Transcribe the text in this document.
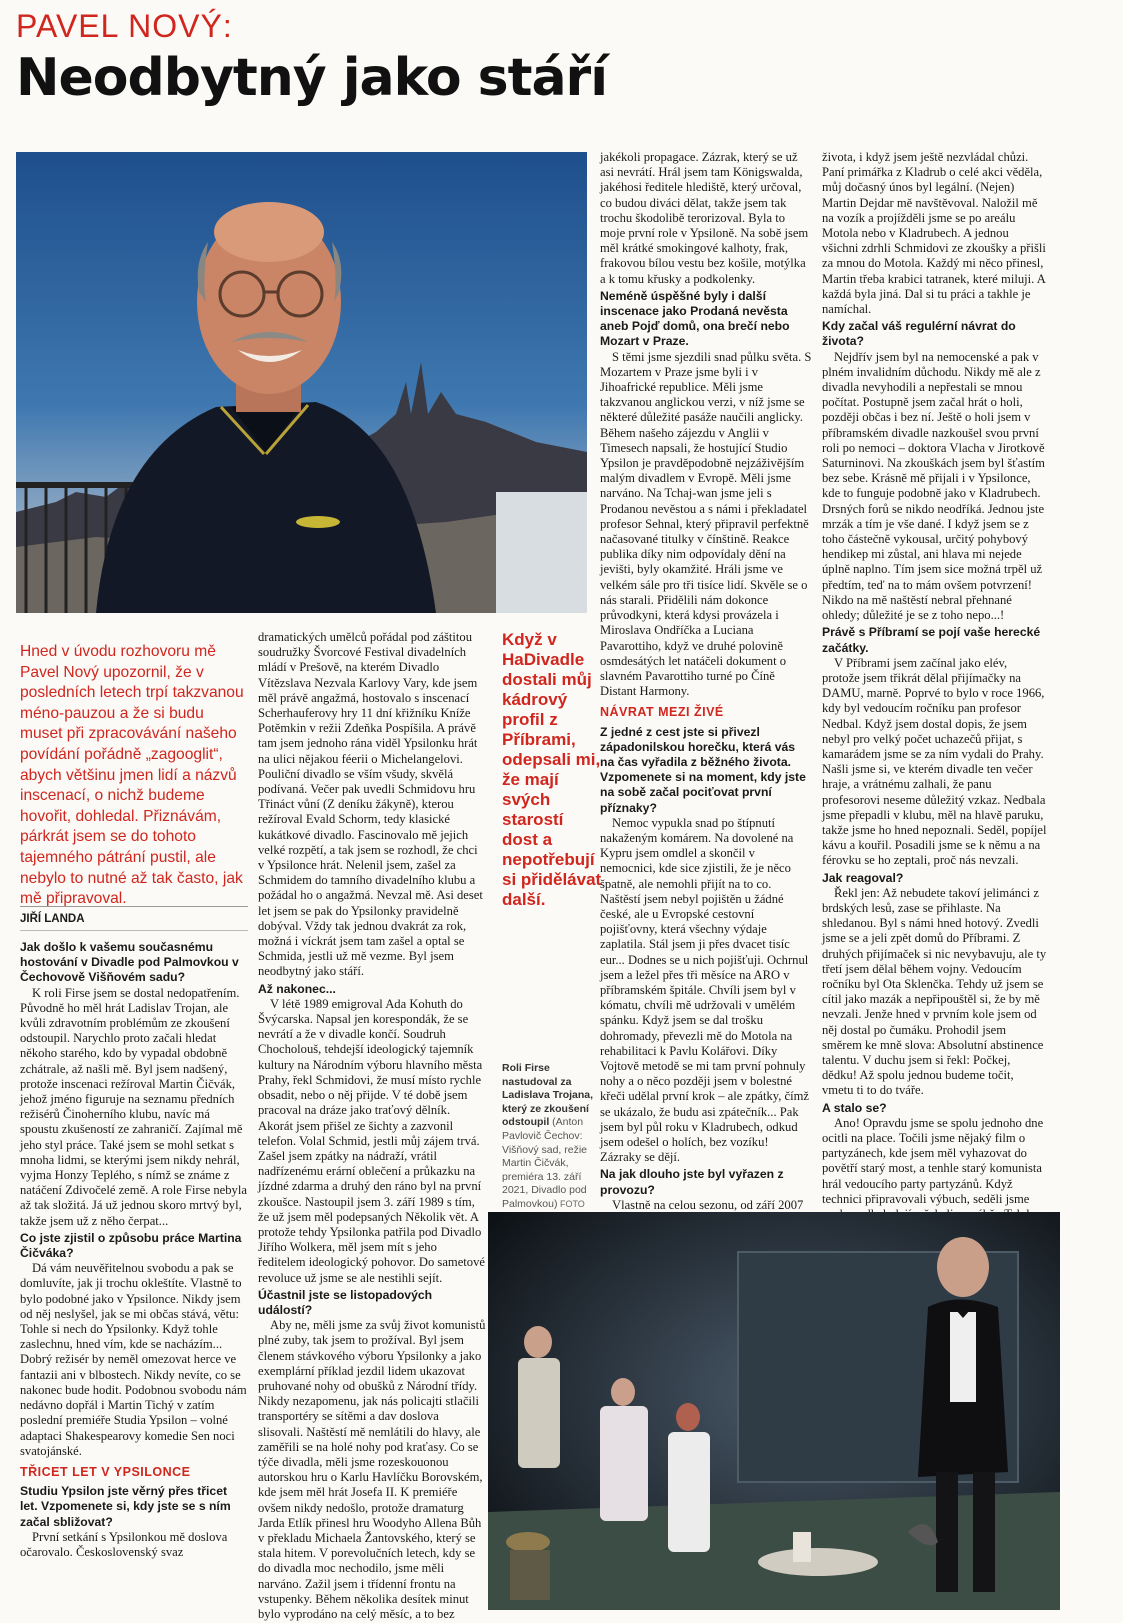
PAVEL NOVÝ:
Neodbytný jako stáří
FOTO JIŘÍ HRUBEŠ
Hned v úvodu rozhovoru mě Pavel Nový upozornil, že v posledních letech trpí takzvanou méno-pauzou a že si budu muset při zpracovávání našeho povídání pořádně „zagooglit“, abych většinu jmen lidí a názvů inscenací, o nichž budeme hovořit, dohledal. Přiznávám, párkrát jsem se do tohoto tajemného pátrání pustil, ale nebylo to nutné až tak často, jak mě připravoval.
JIŘÍ LANDA

Jak došlo k vašemu současnému hostování v Divadle pod Palmovkou v Čechovově Višňovém sadu?

K roli Firse jsem se dostal nedopatřením. Původně ho měl hrát Ladislav Trojan, ale kvůli zdravotním problémům ze zkoušení odstoupil. Narychlo proto začali hledat někoho starého, kdo by vypadal obdobně zchátrale, až našli mě. Byl jsem nadšený, protože inscenaci režíroval Martin Čičvák, jehož jméno figuruje na seznamu předních režisérů Činoherního klubu, navíc má spoustu zkušeností ze zahraničí. Zajímal mě jeho styl práce. Také jsem se mohl setkat s mnoha lidmi, se kterými jsem nikdy nehrál, vyjma Honzy Teplého, s nímž se známe z natáčení Zdivočelé země. A role Firse nebyla až tak složitá. Já už jednou skoro mrtvý byl, takže jsem už z něho čerpat...

Co jste zjistil o způsobu práce Martina Čičváka?

Dá vám neuvěřitelnou svobodu a pak se domluvíte, jak ji trochu okleštíte. Vlastně to bylo podobné jako v Ypsilonce. Nikdy jsem od něj neslyšel, jak se mi občas stává, větu: Tohle si nech do Ypsilonky. Když tohle zaslechnu, hned vím, kde se nacházím... Dobrý režisér by neměl omezovat herce ve fantazii ani v blbostech. Nikdy nevíte, co se nakonec bude hodit. Podobnou svobodu nám nedávno dopřál i Martin Tichý v zatím poslední premiéře Studia Ypsilon – volné adaptaci Shakespearovy komedie Sen noci svatojánské.

TŘICET LET V YPSILONCE

Studiu Ypsilon jste věrný přes třicet let. Vzpomenete si, kdy jste se s ním začal sbližovat?

První setkání s Ypsilonkou mě doslova očarovalo. Československý svaz

dramatických umělců pořádal pod záštitou soudružky Švorcové Festival divadelních mládí v Prešově, na kterém Divadlo Vítězslava Nezvala Karlovy Vary, kde jsem měl právě angažmá, hostovalo s inscenací Scherhauferovy hry 11 dní křižníku Kníže Potěmkin v režii Zdeňka Pospíšila. A právě tam jsem jednoho rána viděl Ypsilonku hrát na ulici nějakou féerii o Michelangelovi. Pouliční divadlo se vším všudy, skvělá podívaná. Večer pak uvedli Schmidovu hru Třináct vůní (Z deníku žákyně), kterou režíroval Evald Schorm, tedy klasické kukátkové divadlo. Fascinovalo mě jejich velké rozpětí, a tak jsem se rozhodl, že chci v Ypsilonce hrát. Nelenil jsem, zašel za Schmidem do tamního divadelního klubu a požádal ho o angažmá. Nevzal mě. Asi deset let jsem se pak do Ypsilonky pravidelně dobýval. Vždy tak jednou dvakrát za rok, možná i víckrát jsem tam zašel a optal se Schmida, jestli už mě vezme. Byl jsem neodbytný jako stáří.

Až nakonec...

V létě 1989 emigroval Ada Kohuth do Švýcarska. Napsal jen korespondák, že se nevrátí a že v divadle končí. Soudruh Chocholouš, tehdejší ideologický tajemník kultury na Národním výboru hlavního města Prahy, řekl Schmidovi, že musí místo rychle obsadit, nebo o něj přijde. V té době jsem pracoval na dráze jako traťový dělník. Akorát jsem přišel ze šichty a zazvonil telefon. Volal Schmid, jestli můj zájem trvá. Zašel jsem zpátky na nádraží, vrátil nadřízenému erární oblečení a průkazku na jízdné zdarma a druhý den ráno byl na první zkoušce. Nastoupil jsem 3. září 1989 s tím, že už jsem měl podepsaných Několik vět. A protože tehdy Ypsilonka patřila pod Divadlo Jiřího Wolkera, měl jsem mít s jeho ředitelem ideologický pohovor. Do sametové revoluce už jsme se ale nestihli sejít.

Účastnil jste se listopadových událostí?

Aby ne, měli jsme za svůj život komunistů plné zuby, tak jsem to prožíval. Byl jsem členem stávkového výboru Ypsilonky a jako exemplární příklad jezdil lidem ukazovat pruhované nohy od obušků z Národní třídy. Nikdy nezapomenu, jak nás policajti stlačili transportéry se sítěmi a dav doslova slisovali. Naštěstí mě nemlátili do hlavy, ale zaměřili se na holé nohy pod kraťasy. Co se týče divadla, měli jsme rozeskouonou autorskou hru o Karlu Havlíčku Borovském, kde jsem měl hrát Josefa II. K premiéře ovšem nikdy nedošlo, protože dramaturg Jarda Etlík přinesl hru Woodyho Allena Bůh v překladu Michaela Žantovského, který se stala hitem. V porevolučních letech, kdy se do divadla moc nechodilo, jsme měli narváno. Zažil jsem i třídenní frontu na vstupenky. Během několika desítek minut bylo vyprodáno na celý měsíc, a to bez

Když v HaDivadle dostali můj kádrový profil z Příbrami, odepsali mi, že mají svých starostí dost a nepotřebují si přidělávat další.
Roli Firse nastudoval za Ladislava Trojana, který ze zkoušení odstoupil (Anton Pavlovič Čechov: Višňový sad, režie Martin Čičvák, premiéra 13. září 2021, Divadlo pod Palmovkou) FOTO

jakékoli propagace. Zázrak, který se už asi nevrátí. Hrál jsem tam Königswalda, jakéhosi ředitele hlediště, který určoval, co budou diváci dělat, takže jsem tak trochu škodolibě terorizoval. Byla to moje první role v Ypsiloně. Na sobě jsem měl krátké smokingové kalhoty, frak, frakovou bílou vestu bez košile, motýlka a k tomu křusky a podkolenky.

Neméně úspěšné byly i další inscenace jako Prodaná nevěsta aneb Pojď domů, ona brečí nebo Mozart v Praze.

S těmi jsme sjezdili snad půlku světa. S Mozartem v Praze jsme byli i v Jihoafrické republice. Měli jsme takzvanou anglickou verzi, v níž jsme se některé důležité pasáže naučili anglicky. Během našeho zájezdu v Anglii v Timesech napsali, že hostující Studio Ypsilon je pravděpodobně nejzáživějším malým divadlem v Evropě. Měli jsme narváno. Na Tchaj-wan jsme jeli s Prodanou nevěstou a s námi i překladatel profesor Sehnal, který připravil perfektně načasované titulky v čínštině. Reakce publika díky nim odpovídaly dění na jevišti, byly okamžité. Hráli jsme ve velkém sále pro tři tisíce lidí. Skvěle se o nás starali. Přidělili nám dokonce průvodkyni, která kdysi provázela i Miroslava Ondříčka a Luciana Pavarottiho, když ve druhé polovině osmdesátých let natáčeli dokument o slavném Pavarottiho turné po Číně Distant Harmony.

NÁVRAT MEZI ŽIVÉ

Z jedné z cest jste si přivezl západonilskou horečku, která vás na čas vyřadila z běžného života. Vzpomenete si na moment, kdy jste na sobě začal pociťovat první příznaky?

Nemoc vypukla snad po štípnutí nakaženým komárem. Na dovolené na Kypru jsem omdlel a skončil v nemocnici, kde sice zjistili, že je něco špatně, ale nemohli přijít na to co. Naštěstí jsem nebyl pojištěn u žádné české, ale u Evropské cestovní pojišťovny, která všechny výdaje zaplatila. Stál jsem ji přes dvacet tisíc eur... Dodnes se u nich pojišťuji. Ochrnul jsem a ležel přes tři měsíce na ARO v příbramském špitále. Chvíli jsem byl v kómatu, chvíli mě udržovali v umělém spánku. Když jsem se dal trošku dohromady, převezli mě do Motola na rehabilitaci k Pavlu Kolářovi. Díky Vojtově metodě se mi tam první pohnuly nohy a o něco později jsem v bolestné křeči udělal první krok – ale zpátky, čímž se ukázalo, že budu asi zpátečník... Pak jsem byl půl roku v Kladrubech, odkud jsem odešel o holích, bez vozíku! Zázraky se dějí.

Na jak dlouho jste byl vyřazen z provozu?

Vlastně na celou sezonu, od září 2007

života, i když jsem ještě nezvládal chůzi. Paní primářka z Kladrub o celé akci věděla, můj dočasný únos byl legální. (Nejen) Martin Dejdar mě navštěvoval. Naložil mě na vozík a projížděli jsme se po areálu Motola nebo v Kladrubech. A jednou všichni zdrhli Schmidovi ze zkoušky a přišli za mnou do Motola. Každý mi něco přinesl, Martin třeba krabici tatranek, které miluji. A každá byla jiná. Dal si tu práci a takhle je namíchal.

Kdy začal váš regulérní návrat do života?

Nejdřív jsem byl na nemocenské a pak v plném invalidním důchodu. Nikdy mě ale z divadla nevyhodili a nepřestali se mnou počítat. Postupně jsem začal hrát o holi, později občas i bez ní. Ještě o holi jsem v příbramském divadle nazkoušel svou první roli po nemoci – doktora Vlacha v Jirotkově Saturninovi. Na zkouškách jsem byl šťastím bez sebe. Krásně mě přijali i v Ypsilonce, kde to funguje podobně jako v Kladrubech. Drsných forů se nikdo neodříká. Jednou jste mrzák a tím je vše dané. I když jsem se z toho částečně vykousal, určitý pohybový hendikep mi zůstal, ani hlava mi nejede úplně naplno. Tím jsem sice možná trpěl už předtím, teď na to mám ovšem potvrzení! Nikdo na mě naštěstí nebral přehnané ohledy; důležité je se z toho nepo...!

Právě s Příbramí se pojí vaše herecké začátky.

V Příbrami jsem začínal jako elév, protože jsem třikrát dělal přijímačky na DAMU, marně. Poprvé to bylo v roce 1966, kdy byl vedoucím ročníku pan profesor Nedbal. Když jsem dostal dopis, že jsem nebyl pro velký počet uchazečů přijat, s kamarádem jsme se za ním vydali do Prahy. Našli jsme si, ve kterém divadle ten večer hraje, a vrátnému zalhali, že panu profesorovi neseme důležitý vzkaz. Nedbala jsme přepadli v klubu, měl na hlavě paruku, takže jsme ho hned nepoznali. Seděl, popíjel kávu a kouřil. Posadili jsme se k němu a na férovku se ho zeptali, proč nás nevzali.

Jak reagoval?

Řekl jen: Až nebudete takoví jelimánci z brdských lesů, zase se přihlaste. Na shledanou. Byl s námi hned hotový. Zvedli jsme se a jeli zpět domů do Příbrami. Z druhých přijímaček si nic nevybavuju, ale ty třetí jsem dělal během vojny. Vedoucím ročníku byl Ota Sklenčka. Tehdy už jsem se cítil jako mazák a nepřipouštěl si, že by mě nevzali. Jenže hned v prvním kole jsem od něj dostal po čumáku. Prohodil jsem směrem ke mně slova: Absolutní abstinence talentu. V duchu jsem si řekl: Počkej, dědku! Až spolu jednou budeme točit, vmetu ti to do tváře.

A stalo se?

Ano! Opravdu jsme se spolu jednoho dne ocitli na place. Točili jsme nějaký film o partyzánech, kde jsem měl vyhazovat do povětří starý most, a tenhle starý komunista hrál vedoucího party partyzánů. Když technici připravovali výbuch, seděli jsme
